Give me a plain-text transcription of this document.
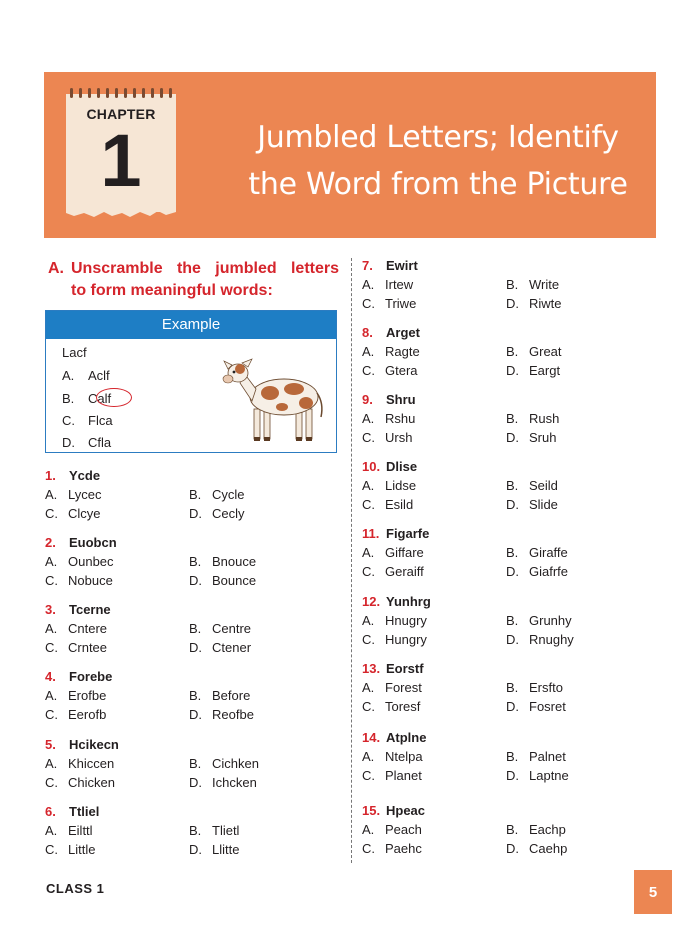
CHAPTER
1	Jumbled Letters; Identify
the Word from the Picture
A. Unscramble the jumbled letters
to form meaningful words:
Example
Lacf
A. Aclf
B. Calf
C. Flca
D. Cfla
1. Ycde
A. Lycec	B. Cycle
C. Clcye	D. Cecly
2. Euobcn
A. Ounbec	B. Bnouce
C. Nobuce	D. Bounce
3. Tcerne
A. Cntere	B. Centre
C. Crntee	D. Ctener
4. Forebe
A. Erofbe	B. Before
C. Eerofb	D. Reofbe
5. Hcikecn
A. Khiccen	B. Cichken
C. Chicken	D. Ichcken
6. Ttliel
A. Eilttl	B. Tlietl
C. Little	D. Llitte
7. Ewirt
A. Irtew	B. Write
C. Triwe	D. Riwte
8. Arget
A. Ragte	B. Great
C. Gtera	D. Eargt
9. Shru
A. Rshu	B. Rush
C. Ursh	D. Sruh
10. Dlise
A. Lidse	B. Seild
C. Esild	D. Slide
11. Figarfe
A. Giffare	B. Giraffe
C. Geraiff	D. Giafrfe
12. Yunhrg
A. Hnugry	B. Grunhy
C. Hungry	D. Rnughy
13. Eorstf
A. Forest	B. Ersfto
C. Toresf	D. Fosret
14. Atplne
A. Ntelpa	B. Palnet
C. Planet	D. Laptne
15. Hpeac
A. Peach	B. Eachp
C. Paehc	D. Caehp
CLASS 1	5
